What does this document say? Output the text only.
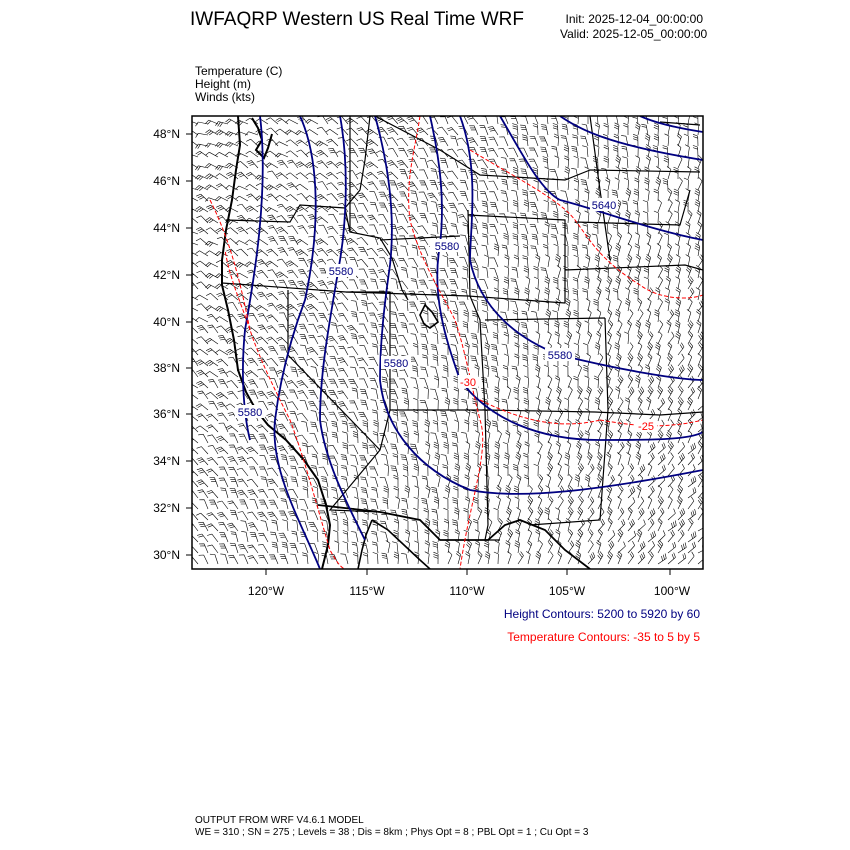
IWFAQRP Western US Real Time WRF	Init: 2025-12-04_00:00:00
Valid: 2025-12-05_00:00:00
Temperature (C)
Height (m)
Winds (kts)
5640
5580
5580
5580
5580
5580
-30
-25
48°N
46°N
44°N
42°N
40°N
38°N
36°N
34°N
32°N
30°N
120°W	115°W	110°W	105°W	100°W
Height Contours: 5200 to 5920 by 60
Temperature Contours: -35 to 5 by 5
OUTPUT FROM WRF V4.6.1 MODEL
WE = 310 ; SN = 275 ; Levels = 38 ; Dis = 8km ; Phys Opt = 8 ; PBL Opt = 1 ; Cu Opt = 3
